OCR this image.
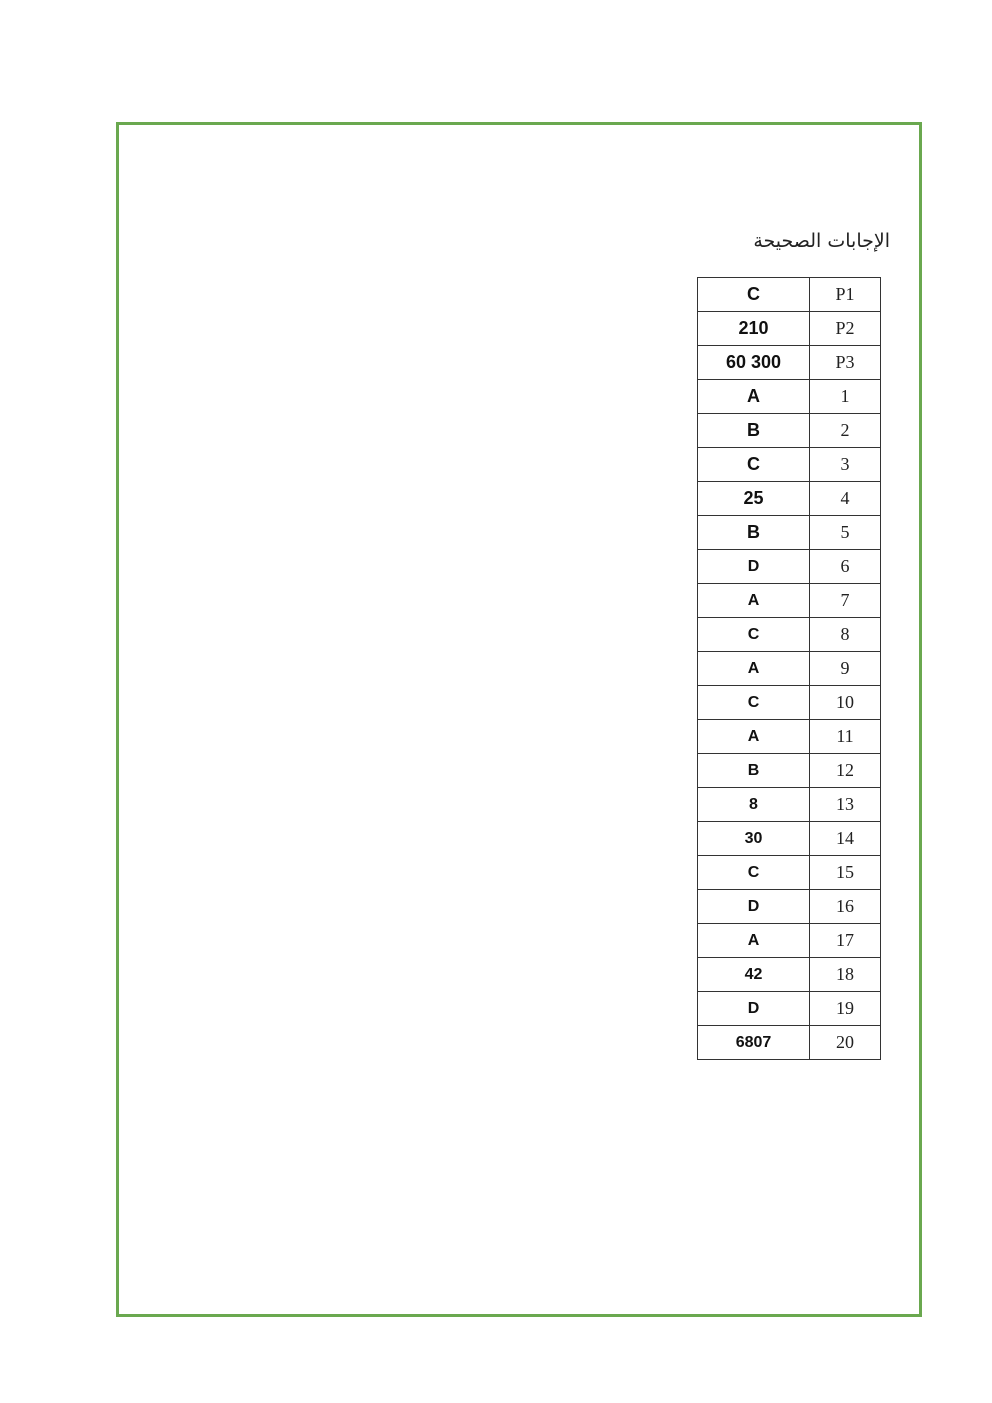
الإجابات الصحيحة
C	P1
210	P2
60 300	P3
A	1
B	2
C	3
25	4
B	5
D	6
A	7
C	8
A	9
C	10
A	11
B	12
8	13
30	14
C	15
D	16
A	17
42	18
D	19
6807	20
